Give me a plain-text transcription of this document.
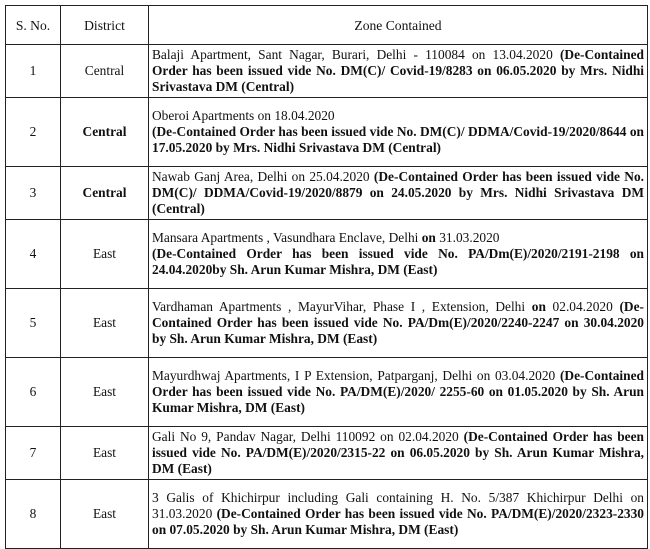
S. No.	District	Zone Contained
1	Central	Balaji Apartment, Sant Nagar, Burari, Delhi - 110084 on 13.04.2020 (De-Contained Order has been issued vide No. DM(C)/ Covid-19/8283 on 06.05.2020 by Mrs. Nidhi Srivastava DM (Central)
2	Central	Oberoi Apartments on 18.04.2020
(De-Contained Order has been issued vide No. DM(C)/ DDMA/Covid-19/2020/8644 on 17.05.2020 by Mrs. Nidhi Srivastava DM (Central)
3	Central	Nawab Ganj Area, Delhi on 25.04.2020 (De-Contained Order has been issued vide No. DM(C)/ DDMA/Covid-19/2020/8879 on 24.05.2020 by Mrs. Nidhi Srivastava DM (Central)
4	East	Mansara Apartments , Vasundhara Enclave, Delhi on 31.03.2020
(De-Contained Order has been issued vide No. PA/Dm(E)/2020/2191-2198 on 24.04.2020by Sh. Arun Kumar Mishra, DM (East)
5	East	Vardhaman Apartments , MayurVihar, Phase I , Extension, Delhi on 02.04.2020 (De-Contained Order has been issued vide No. PA/Dm(E)/2020/2240-2247 on 30.04.2020 by Sh. Arun Kumar Mishra, DM (East)
6	East	Mayurdhwaj Apartments, I P Extension, Patparganj, Delhi on 03.04.2020 (De-Contained Order has been issued vide No. PA/DM(E)/2020/ 2255-60 on 01.05.2020 by Sh. Arun Kumar Mishra, DM (East)
7	East	Gali No 9, Pandav Nagar, Delhi 110092 on 02.04.2020 (De-Contained Order has been issued vide No. PA/DM(E)/2020/2315-22 on 06.05.2020 by Sh. Arun Kumar Mishra, DM (East)
8	East	3 Galis of Khichirpur including Gali containing H. No. 5/387 Khichirpur Delhi on 31.03.2020 (De-Contained Order has been issued vide No. PA/DM(E)/2020/2323-2330 on 07.05.2020 by Sh. Arun Kumar Mishra, DM (East)
